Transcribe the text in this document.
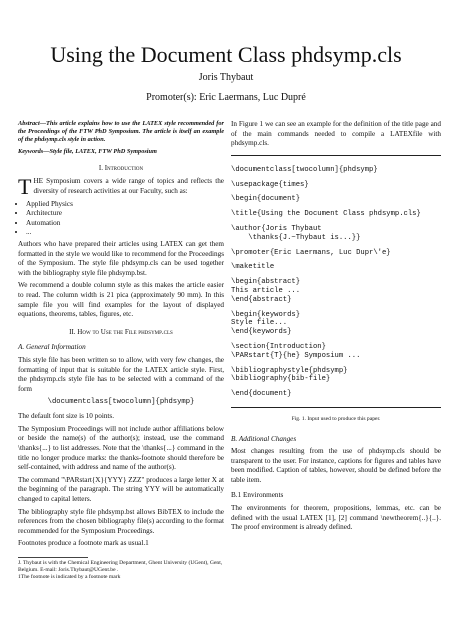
Using the Document Class phdsymp.cls
Joris Thybaut
Promoter(s): Eric Laermans, Luc Dupré

Abstract—This article explains how to use the LATEX style recommended for the Proceedings of the FTW PhD Symposium. The article is itself an example of the phdsymp.cls style in action.

Keywords—Style file, LATEX, FTW PhD Symposium

I. Introduction

T HE Symposium covers a wide range of topics and reflects the diversity of research activities at our Faculty, such as:

• Applied Physics
• Architecture
• Automation
• ...

Authors who have prepared their articles using LATEX can get them formatted in the style we would like to recommend for the Proceedings of the Symposium. The style file phdsymp.cls can be used together with the bibliography style file phdsymp.bst.

We recommend a double column style as this makes the article easier to read. The column width is 21 pica (approximately 90 mm). In this sample file you will find examples for the layout of displayed equations, theorems, tables, figures, etc.

II. How to Use the File phdsymp.cls
A. General Information

This style file has been written so to allow, with very few changes, the formatting of input that is suitable for the LATEX article style. First, the phdsymp.cls style file has to be selected with a command of the form

\documentclass[twocolumn]{phdsymp}

The default font size is 10 points.

The Symposium Proceedings will not include author affiliations below or beside the name(s) of the author(s); instead, use the command \thanks{...} to list addresses. Note that the \thanks{...} command in the title no longer produce marks: the thanks-footnote should therefore be self-contained, with address and name of the author(s).

The command "\PARstart{X}{YYY} ZZZ" produces a large letter X at the beginning of the paragraph. The string YYY will be automatically changed to capital letters.

The bibliography style file phdsymp.bst allows BibTEX to include the references from the chosen bibliography file(s) according to the format recommended for the Symposium Proceedings.

Footnotes produce a footnote mark as usual.1

J. Thybaut is with the Chemical Engineering Department, Ghent University (UGent), Gent, Belgium. E-mail: Joris.Thybaut@UGent.be .
1The footnote is indicated by a footnote mark

In Figure 1 we can see an example for the definition of the title page and of the main commands needed to compile a LATEXfile with phdsymp.cls.

\documentclass[twocolumn]{phdsymp}
\usepackage{times}
\begin{document}
\title{Using the Document Class phdsymp.cls}
\author{Joris Thybaut
\thanks{J.~Thybaut is...}}
\promoter{Eric Laermans, Luc Dupr\'e}
\maketitle
\begin{abstract}
This article ...
\end{abstract}
\begin{keywords}
Style file...
\end{keywords}
\section{Introduction}
\PARstart{T}{he} Symposium ...
\bibliographystyle{phdsymp}
\bibliography{bib-file}
\end{document}
Fig. 1. Input used to produce this paper.
B. Additional Changes

Most changes resulting from the use of phdsymp.cls should be transparent to the user. For instance, captions for figures and tables have been modified. Caption of tables, however, should be defined before the table item.

B.1 Environments

The environments for theorem, propositions, lemmas, etc. can be defined with the usual LATEX [1], [2] command \newtheorem{..}{..}. The proof environment is already defined.
